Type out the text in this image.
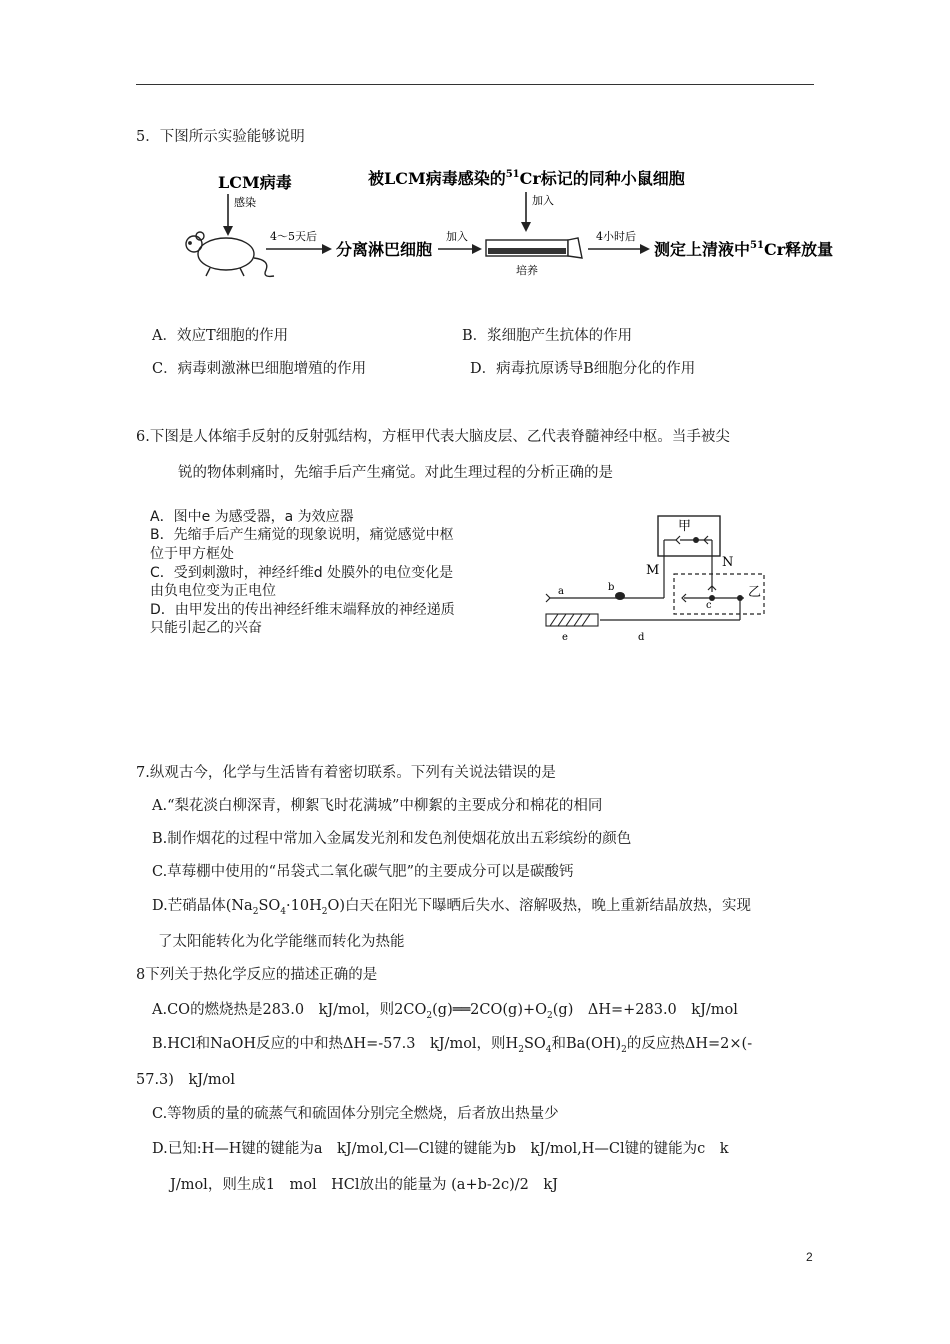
5．下图所示实验能够说明
LCM病毒
感染
4～5天后
分离淋巴细胞
加入
被LCM病毒感染的$^{51}$Cr标记的同种小鼠细胞
加入
培养
4小时后
测定上清液中$^{51}$Cr释放量
A．效应T细胞的作用	B．浆细胞产生抗体的作用
C．病毒刺激淋巴细胞增殖的作用	D．病毒抗原诱导B细胞分化的作用
6.下图是人体缩手反射的反射弧结构，方框甲代表大脑皮层、乙代表脊髓神经中枢。当手被尖
锐的物体刺痛时，先缩手后产生痛觉。对此生理过程的分析正确的是
A．图中e 为感受器，a 为效应器
B．先缩手后产生痛觉的现象说明，痛觉感觉中枢
位于甲方框处
C．受到刺激时，神经纤维d 处膜外的电位变化是
由负电位变为正电位
D．由甲发出的传出神经纤维末端释放的神经递质
只能引起乙的兴奋
甲
M
N
乙
c
a	b
e	d
7.纵观古今，化学与生活皆有着密切联系。下列有关说法错误的是
A.“梨花淡白柳深青，柳絮飞时花满城”中柳絮的主要成分和棉花的相同
B.制作烟花的过程中常加入金属发光剂和发色剂使烟花放出五彩缤纷的颜色
C.草莓棚中使用的“吊袋式二氧化碳气肥”的主要成分可以是碳酸钙
D.芒硝晶体$(Na_2SO_4\cdot 10H_2O)$白天在阳光下曝晒后失水、溶解吸热，晚上重新结晶放热，实现
了太阳能转化为化学能继而转化为热能
8下列关于热化学反应的描述正确的是
A.CO的燃烧热是283.0　kJ/mol，则$2CO_2(g)══2CO(g)+O_2(g)$　ΔH=+283.0　kJ/mol
B.HCl和NaOH反应的中和热ΔH=-57.3　kJ/mol，则$H_2SO_4$和$Ba(OH)_2$的反应热ΔH=2×(-
57.3)　kJ/mol
C.等物质的量的硫蒸气和硫固体分别完全燃烧，后者放出热量少
D.已知:H—H键的键能为a　kJ/mol,Cl—Cl键的键能为b　kJ/mol,H—Cl键的键能为c　k
J/mol，则生成1　mol　HCl放出的能量为 (a+b-2c)/2　kJ
2
